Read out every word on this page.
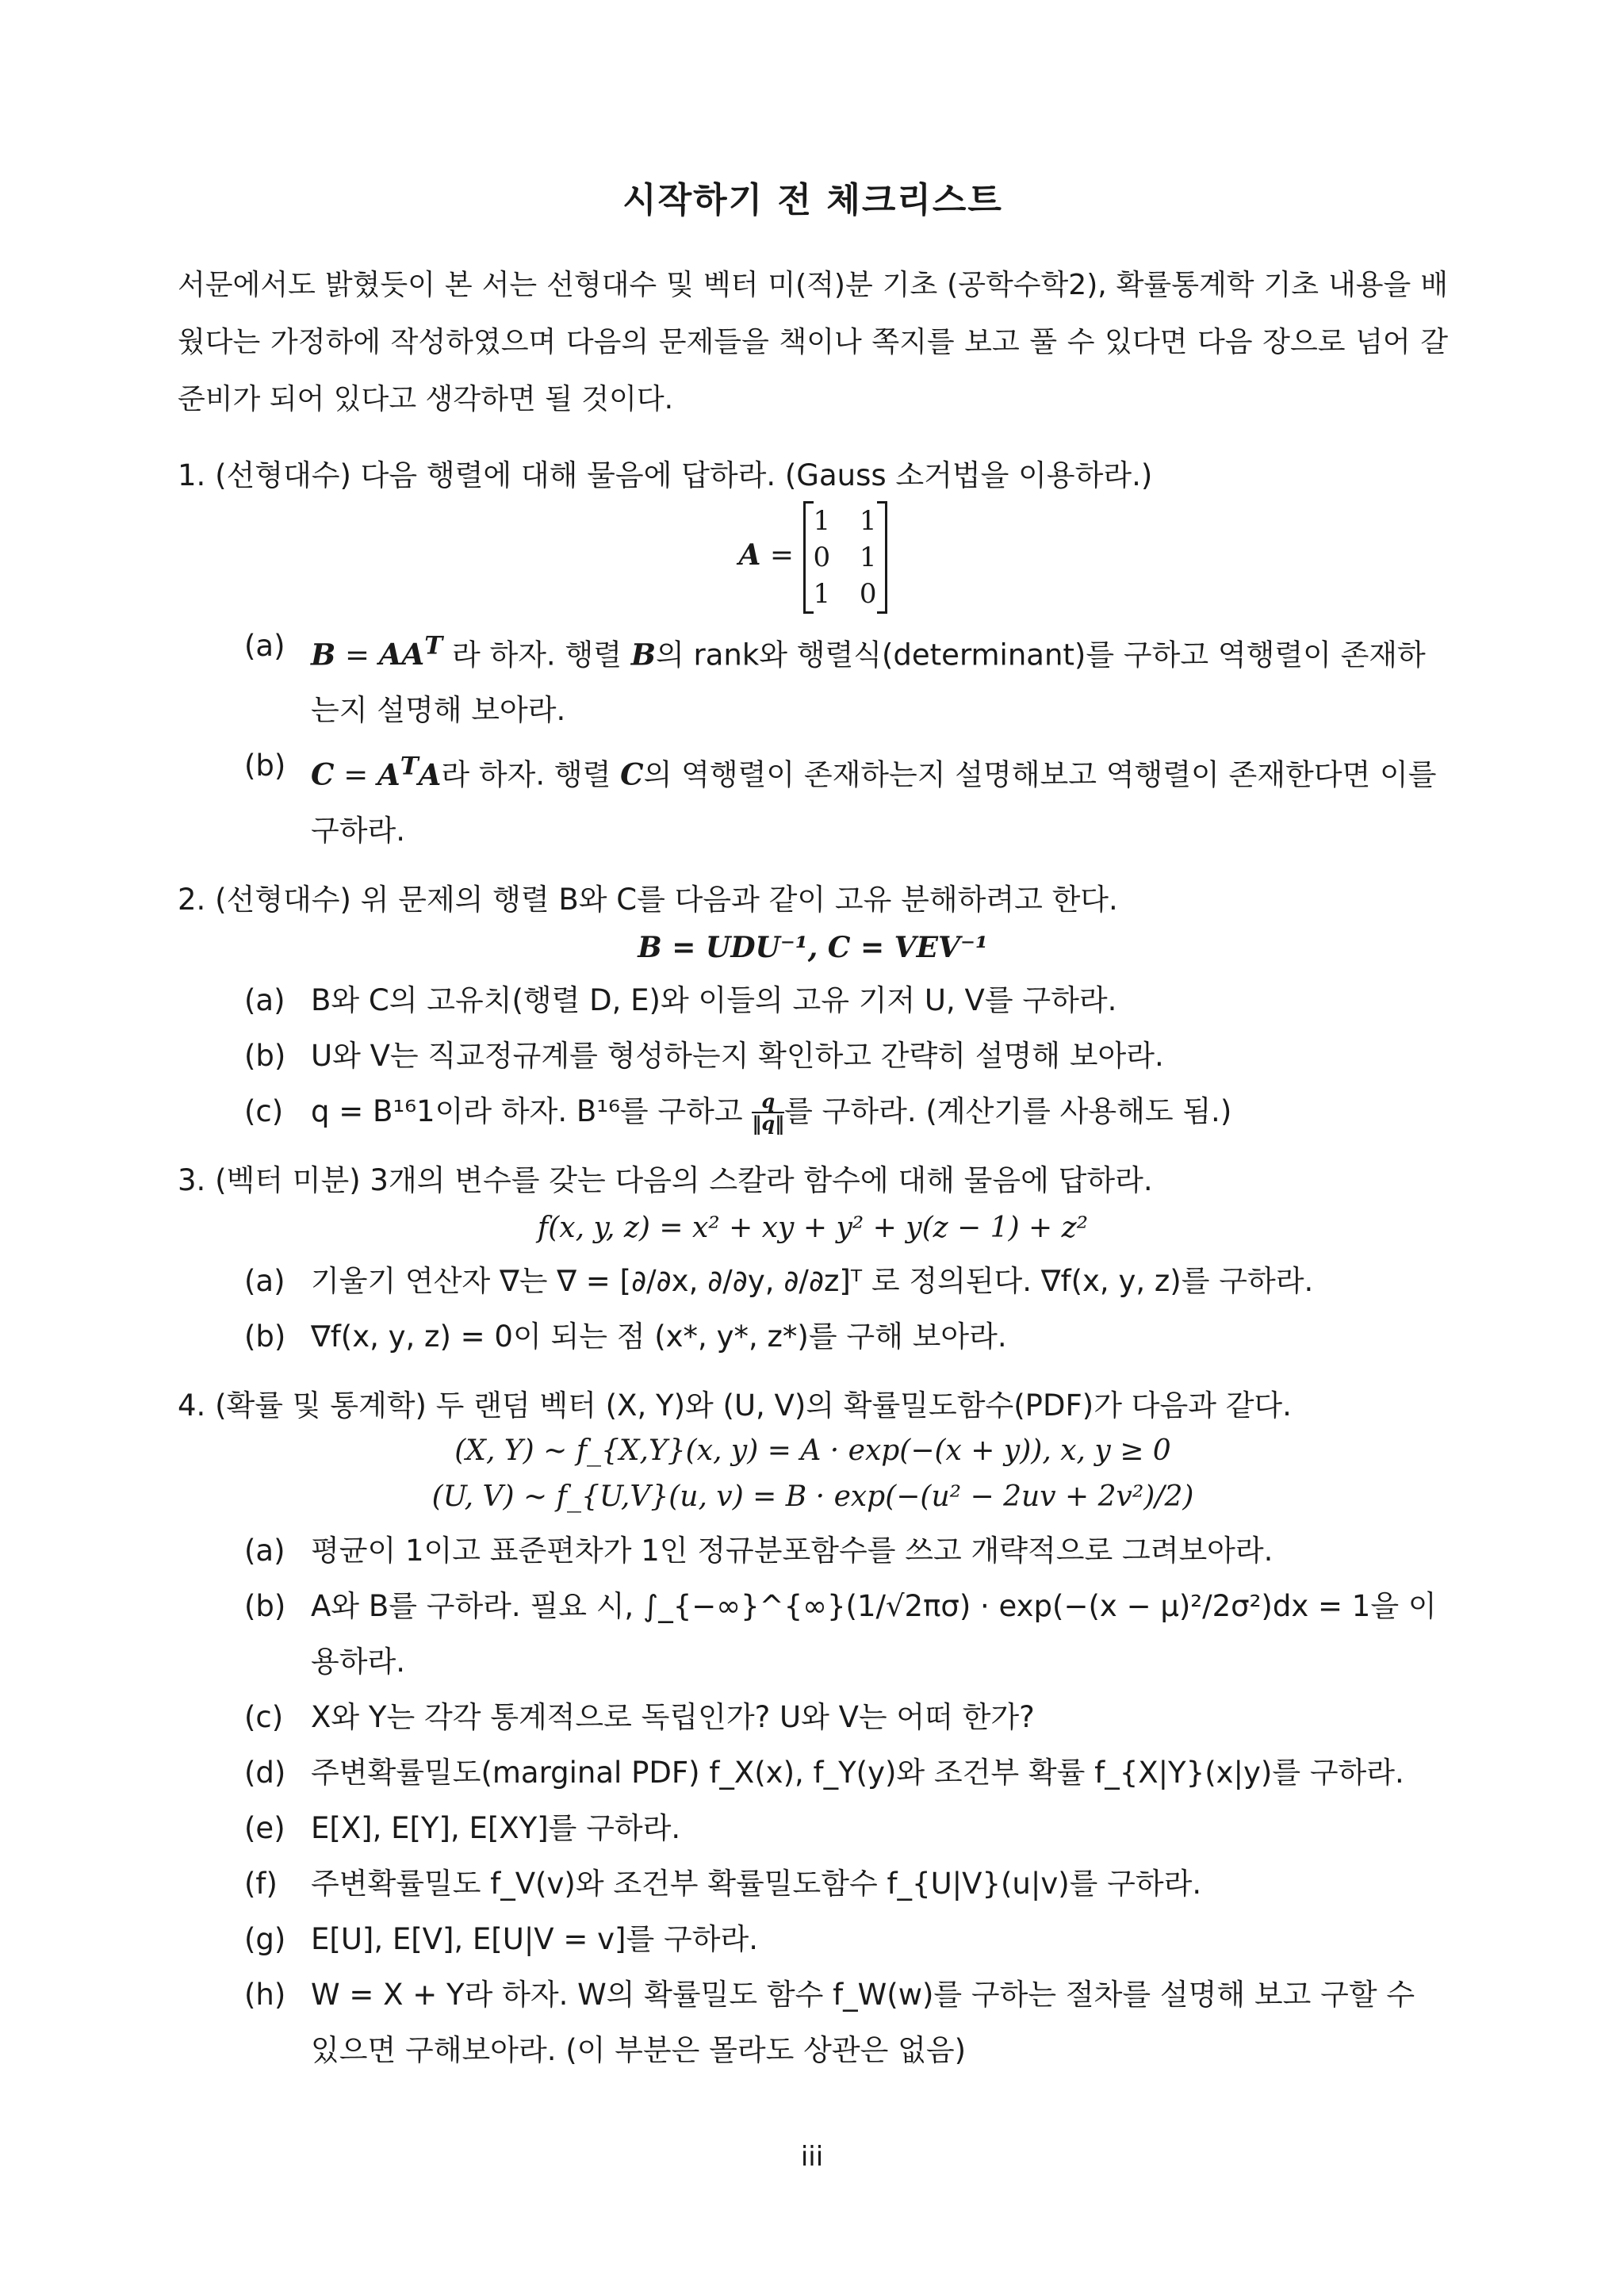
시작하기 전 체크리스트

서문에서도 밝혔듯이 본 서는 선형대수 및 벡터 미(적)분 기초 (공학수학2), 확률통계학 기초 내용을 배웠다는 가정하에 작성하였으며 다음의 문제들을 책이나 쪽지를 보고 풀 수 있다면 다음 장으로 넘어 갈 준비가 되어 있다고 생각하면 될 것이다.

1. (선형대수) 다음 행렬에 대해 물음에 답하라. (Gauss 소거법을 이용하라.)

A =
1
1
0
1
1
0
(a) $B = AA^T$ 라 하자. 행렬 B의 rank와 행렬식(determinant)를 구하고 역행렬이 존재하는지 설명해 보아라.
(b) $C = A^TA$라 하자. 행렬 C의 역행렬이 존재하는지 설명해보고 역행렬이 존재한다면 이를 구하라.

2. (선형대수) 위 문제의 행렬 B와 C를 다음과 같이 고유 분해하려고 한다.

B = UDU⁻¹, C = VEV⁻¹
(a) B와 C의 고유치(행렬 D, E)와 이들의 고유 기저 U, V를 구하라.
(b) U와 V는 직교정규계를 형성하는지 확인하고 간략히 설명해 보아라.
(c) q = B¹⁶1이라 하자. B¹⁶를 구하고 $\frac{q}{‖q‖}$ 를 구하라. (계산기를 사용해도 됨.)

3. (벡터 미분) 3개의 변수를 갖는 다음의 스칼라 함수에 대해 물음에 답하라.

f(x, y, z) = x² + xy + y² + y(z − 1) + z²
(a) 기울기 연산자 ∇는 ∇ = [∂/∂x, ∂/∂y, ∂/∂z]ᵀ 로 정의된다. ∇f(x, y, z)를 구하라.
(b) ∇f(x, y, z) = 0이 되는 점 (x*, y*, z*)를 구해 보아라.

4. (확률 및 통계학) 두 랜덤 벡터 (X, Y)와 (U, V)의 확률밀도함수(PDF)가 다음과 같다.

(X, Y) ~ f_{X,Y}(x, y) = A · exp(−(x + y)), x, y ≥ 0
(U, V) ~ f_{U,V}(u, v) = B · exp(−(u² − 2uv + 2v²)/2)
(a) 평균이 1이고 표준편차가 1인 정규분포함수를 쓰고 개략적으로 그려보아라.
(b) A와 B를 구하라. 필요 시, ∫_{−∞}^{∞}(1/√2πσ) · exp(−(x − μ)²/2σ²)dx = 1을 이용하라.
(c) X와 Y는 각각 통계적으로 독립인가? U와 V는 어떠 한가?
(d) 주변확률밀도(marginal PDF) f_X(x), f_Y(y)와 조건부 확률 f_{X|Y}(x|y)를 구하라.
(e) E[X], E[Y], E[XY]를 구하라.
(f)	주변확률밀도 f_V(v)와 조건부 확률밀도함수 f_{U|V}(u|v)를 구하라.
(g) E[U], E[V], E[U|V = v]를 구하라.
(h) W = X + Y라 하자. W의 확률밀도 함수 f_W(w)를 구하는 절차를 설명해 보고 구할 수 있으면 구해보아라. (이 부분은 몰라도 상관은 없음)
iii
